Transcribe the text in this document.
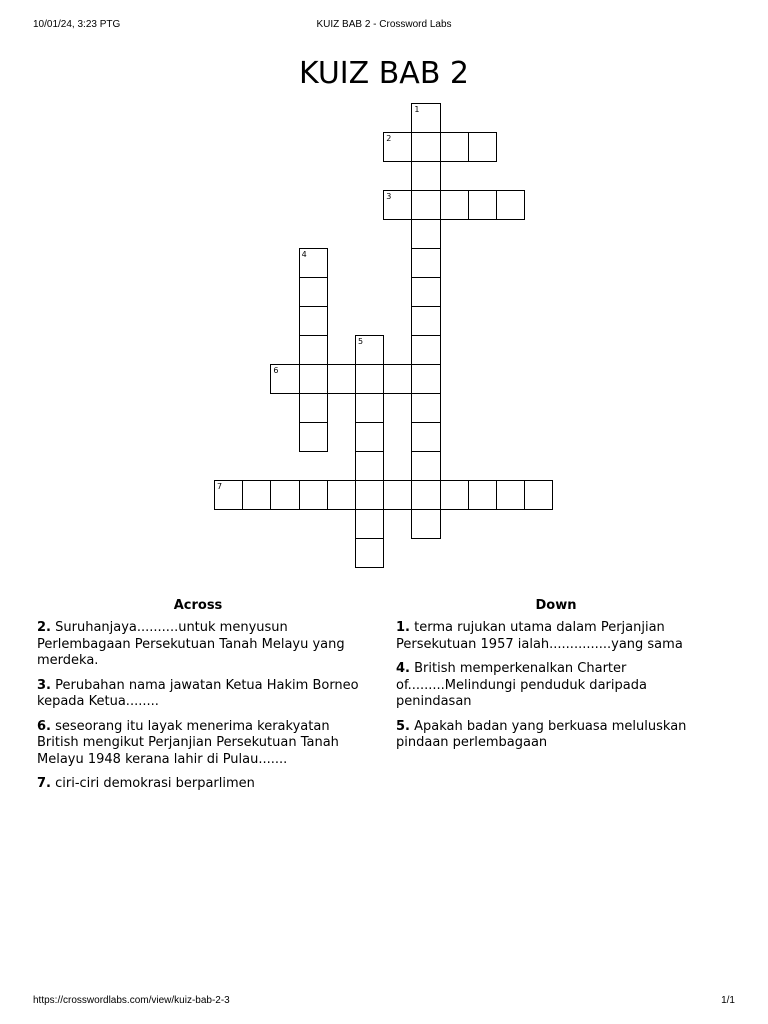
10/01/24, 3:23 PTG	KUIZ BAB 2 - Crossword Labs
KUIZ BAB 2
1
2
3
4
5
6
7
Across
2. Suruhanjaya..........untuk menyusun Perlembagaan Persekutuan Tanah Melayu yang merdeka.
3. Perubahan nama jawatan Ketua Hakim Borneo kepada Ketua........
6. seseorang itu layak menerima kerakyatan British mengikut Perjanjian Persekutuan Tanah Melayu 1948 kerana lahir di Pulau.......
7. ciri-ciri demokrasi berparlimen
Down
1. terma rujukan utama dalam Perjanjian Persekutuan 1957 ialah...............yang sama
4. British memperkenalkan Charter of.........Melindungi penduduk daripada penindasan
5. Apakah badan yang berkuasa meluluskan pindaan perlembagaan
https://crosswordlabs.com/view/kuiz-bab-2-3	1/1
